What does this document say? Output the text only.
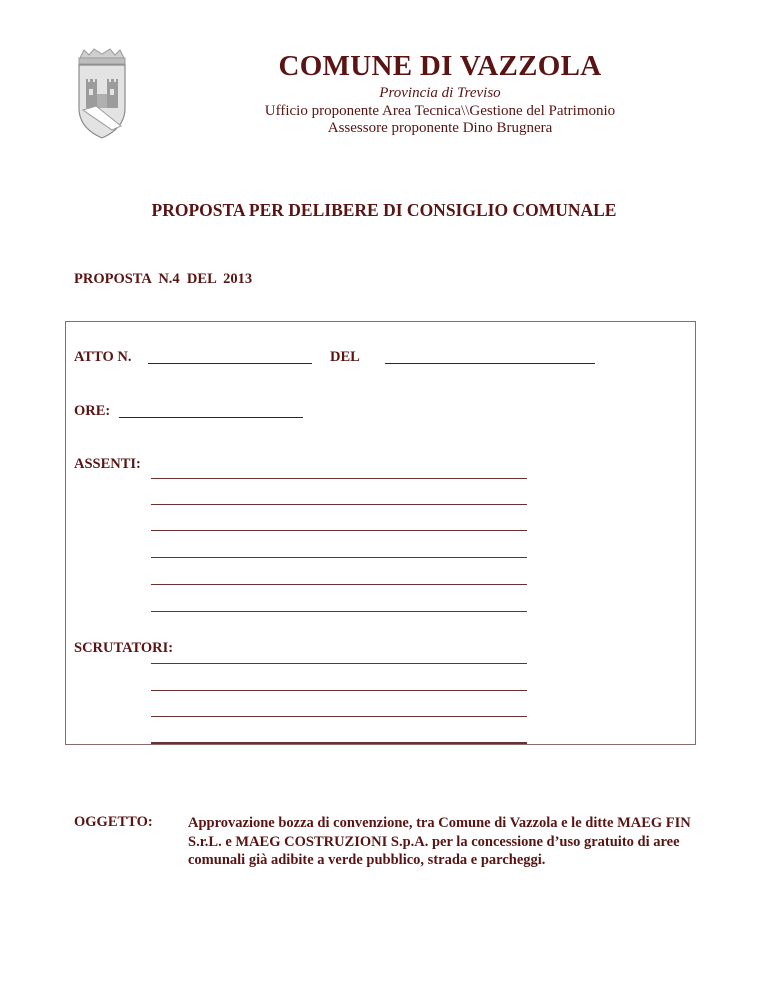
COMUNE DI VAZZOLA
Provincia di Treviso
Ufficio proponente Area Tecnica\\Gestione del Patrimonio
Assessore proponente Dino Brugnera
PROPOSTA PER DELIBERE DI CONSIGLIO COMUNALE
PROPOSTA  N.4  DEL  2013
ATTO N.	DEL
ORE:
ASSENTI:
SCRUTATORI:
OGGETTO: Approvazione bozza di convenzione, tra Comune di Vazzola e le ditte MAEG FIN S.r.L. e MAEG COSTRUZIONI S.p.A. per la concessione d’uso gratuito di aree comunali già adibite a verde pubblico, strada e parcheggi.
